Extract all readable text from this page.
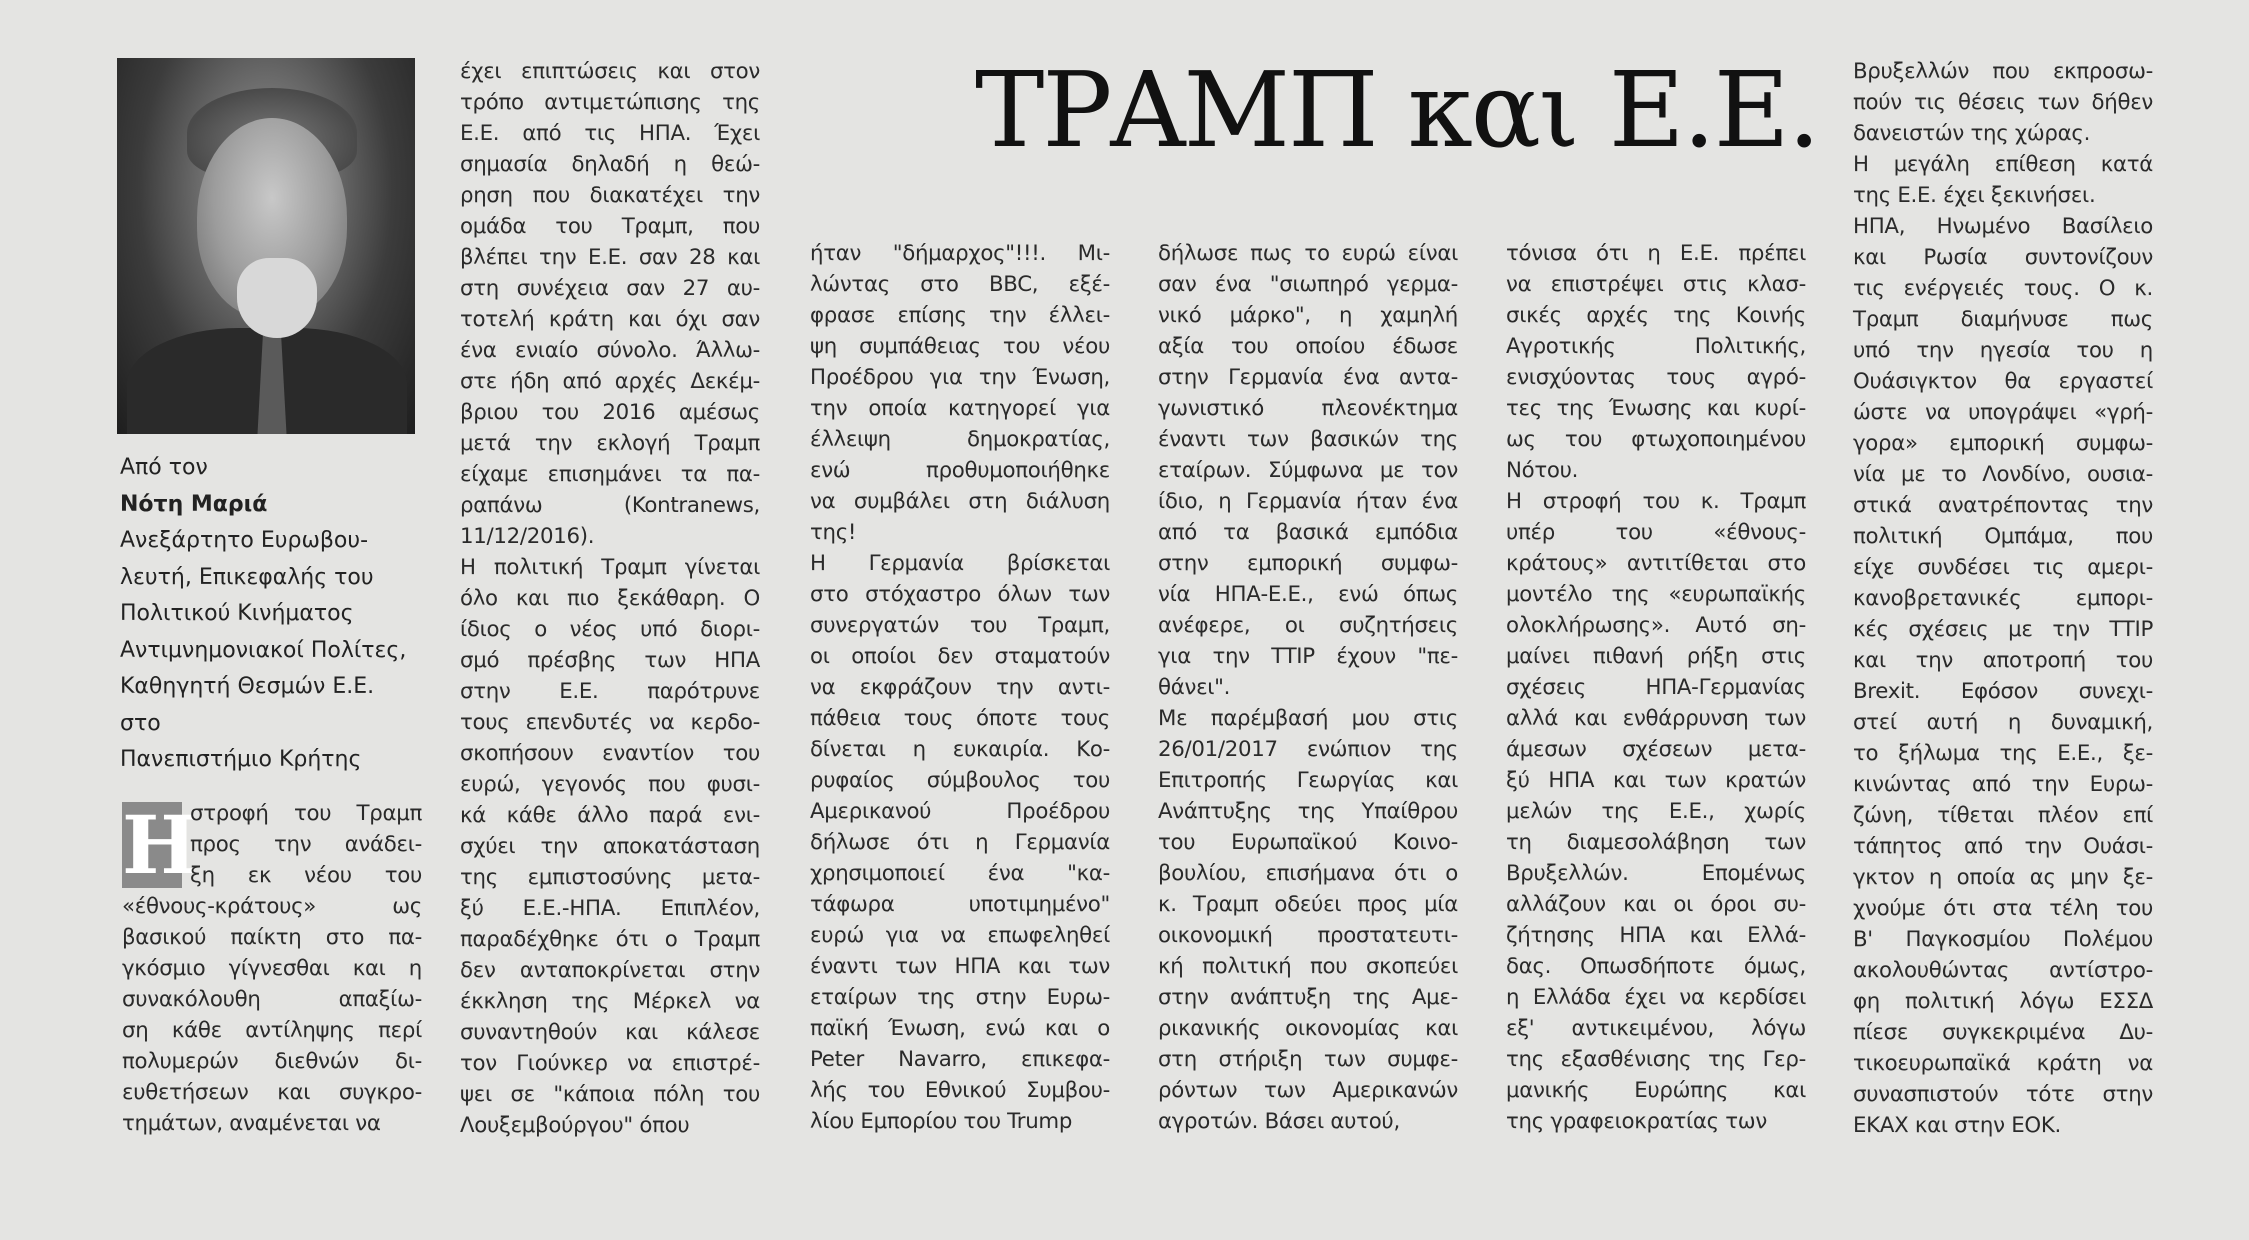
Από τον
Νότη Μαριά
Ανεξάρτητο Ευρωβου-
λευτή, Επικεφαλής του
Πολιτικού Κινήματος
Αντιμνημονιακοί Πολίτες,
Καθηγητή Θεσμών Ε.Ε. στο
Πανεπιστήμιο Κρήτης
ΤΡΑΜΠ και Ε.Ε.
Η
στροφή του Τραμπ
προς την ανάδει-
ξη εκ νέου του
«έθνους-κράτους» ως
βασικού παίκτη στο πα-
γκόσμιο γίγνεσθαι και η
συνακόλουθη απαξίω-
ση κάθε αντίληψης περί
πολυμερών διεθνών δι-
ευθετήσεων και συγκρο-
τημάτων, αναμένεται να
έχει επιπτώσεις και στον
τρόπο αντιμετώπισης της
Ε.Ε. από τις ΗΠΑ. Έχει
σημασία δηλαδή η θεώ-
ρηση που διακατέχει την
ομάδα του Τραμπ, που
βλέπει την Ε.Ε. σαν 28 και
στη συνέχεια σαν 27 αυ-
τοτελή κράτη και όχι σαν
ένα ενιαίο σύνολο. Άλλω-
στε ήδη από αρχές Δεκέμ-
βριου του 2016 αμέσως
μετά την εκλογή Τραμπ
είχαμε επισημάνει τα πα-
ραπάνω (Kontranews,
11/12/2016).
Η πολιτική Τραμπ γίνεται
όλο και πιο ξεκάθαρη. Ο
ίδιος ο νέος υπό διορι-
σμό πρέσβης των ΗΠΑ
στην Ε.Ε. παρότρυνε
τους επενδυτές να κερδο-
σκοπήσουν εναντίον του
ευρώ, γεγονός που φυσι-
κά κάθε άλλο παρά ενι-
σχύει την αποκατάσταση
της εμπιστοσύνης μετα-
ξύ Ε.Ε.-ΗΠΑ. Επιπλέον,
παραδέχθηκε ότι ο Τραμπ
δεν ανταποκρίνεται στην
έκκληση της Μέρκελ να
συναντηθούν και κάλεσε
τον Γιούνκερ να επιστρέ-
ψει σε "κάποια πόλη του
Λουξεμβούργου" όπου
ήταν "δήμαρχος"!!!. Μι-
λώντας στο BBC, εξέ-
φρασε επίσης την έλλει-
ψη συμπάθειας του νέου
Προέδρου για την Ένωση,
την οποία κατηγορεί για
έλλειψη δημοκρατίας,
ενώ προθυμοποιήθηκε
να συμβάλει στη διάλυση
της!
Η Γερμανία βρίσκεται
στο στόχαστρο όλων των
συνεργατών του Τραμπ,
οι οποίοι δεν σταματούν
να εκφράζουν την αντι-
πάθεια τους όποτε τους
δίνεται η ευκαιρία. Κο-
ρυφαίος σύμβουλος του
Αμερικανού Προέδρου
δήλωσε ότι η Γερμανία
χρησιμοποιεί ένα "κα-
τάφωρα υποτιμημένο"
ευρώ για να επωφεληθεί
έναντι των ΗΠΑ και των
εταίρων της στην Ευρω-
παϊκή Ένωση, ενώ και ο
Peter Navarro, επικεφα-
λής του Εθνικού Συμβου-
λίου Εμπορίου του Trump
δήλωσε πως το ευρώ είναι
σαν ένα "σιωπηρό γερμα-
νικό μάρκο", η χαμηλή
αξία του οποίου έδωσε
στην Γερμανία ένα αντα-
γωνιστικό πλεονέκτημα
έναντι των βασικών της
εταίρων. Σύμφωνα με τον
ίδιο, η Γερμανία ήταν ένα
από τα βασικά εμπόδια
στην εμπορική συμφω-
νία ΗΠΑ-Ε.Ε., ενώ όπως
ανέφερε, οι συζητήσεις
για την TTIP έχουν "πε-
θάνει".
Με παρέμβασή μου στις
26/01/2017 ενώπιον της
Επιτροπής Γεωργίας και
Ανάπτυξης της Υπαίθρου
του Ευρωπαϊκού Κοινο-
βουλίου, επισήμανα ότι ο
κ. Τραμπ οδεύει προς μία
οικονομική προστατευτι-
κή πολιτική που σκοπεύει
στην ανάπτυξη της Αμε-
ρικανικής οικονομίας και
στη στήριξη των συμφε-
ρόντων των Αμερικανών
αγροτών. Βάσει αυτού,
τόνισα ότι η Ε.Ε. πρέπει
να επιστρέψει στις κλασ-
σικές αρχές της Κοινής
Αγροτικής Πολιτικής,
ενισχύοντας τους αγρό-
τες της Ένωσης και κυρί-
ως του φτωχοποιημένου
Νότου.
Η στροφή του κ. Τραμπ
υπέρ του «έθνους-
κράτους» αντιτίθεται στο
μοντέλο της «ευρωπαϊκής
ολοκλήρωσης». Αυτό ση-
μαίνει πιθανή ρήξη στις
σχέσεις ΗΠΑ-Γερμανίας
αλλά και ενθάρρυνση των
άμεσων σχέσεων μετα-
ξύ ΗΠΑ και των κρατών
μελών της Ε.Ε., χωρίς
τη διαμεσολάβηση των
Βρυξελλών. Επομένως
αλλάζουν και οι όροι συ-
ζήτησης ΗΠΑ και Ελλά-
δας. Οπωσδήποτε όμως,
η Ελλάδα έχει να κερδίσει
εξ' αντικειμένου, λόγω
της εξασθένισης της Γερ-
μανικής Ευρώπης και
της γραφειοκρατίας των
Βρυξελλών που εκπροσω-
πούν τις θέσεις των δήθεν
δανειστών της χώρας.
Η μεγάλη επίθεση κατά
της Ε.Ε. έχει ξεκινήσει.
ΗΠΑ, Ηνωμένο Βασίλειο
και Ρωσία συντονίζουν
τις ενέργειές τους. Ο κ.
Τραμπ διαμήνυσε πως
υπό την ηγεσία του η
Ουάσιγκτον θα εργαστεί
ώστε να υπογράψει «γρή-
γορα» εμπορική συμφω-
νία με το Λονδίνο, ουσια-
στικά ανατρέποντας την
πολιτική Ομπάμα, που
είχε συνδέσει τις αμερι-
κανοβρετανικές εμπορι-
κές σχέσεις με την TTIP
και την αποτροπή του
Brexit. Εφόσον συνεχι-
στεί αυτή η δυναμική,
το ξήλωμα της Ε.Ε., ξε-
κινώντας από την Ευρω-
ζώνη, τίθεται πλέον επί
τάπητος από την Ουάσι-
γκτον η οποία ας μην ξε-
χνούμε ότι στα τέλη του
Β' Παγκοσμίου Πολέμου
ακολουθώντας αντίστρο-
φη πολιτική λόγω ΕΣΣΔ
πίεσε συγκεκριμένα Δυ-
τικοευρωπαϊκά κράτη να
συνασπιστούν τότε στην
ΕΚΑΧ και στην ΕΟΚ.
